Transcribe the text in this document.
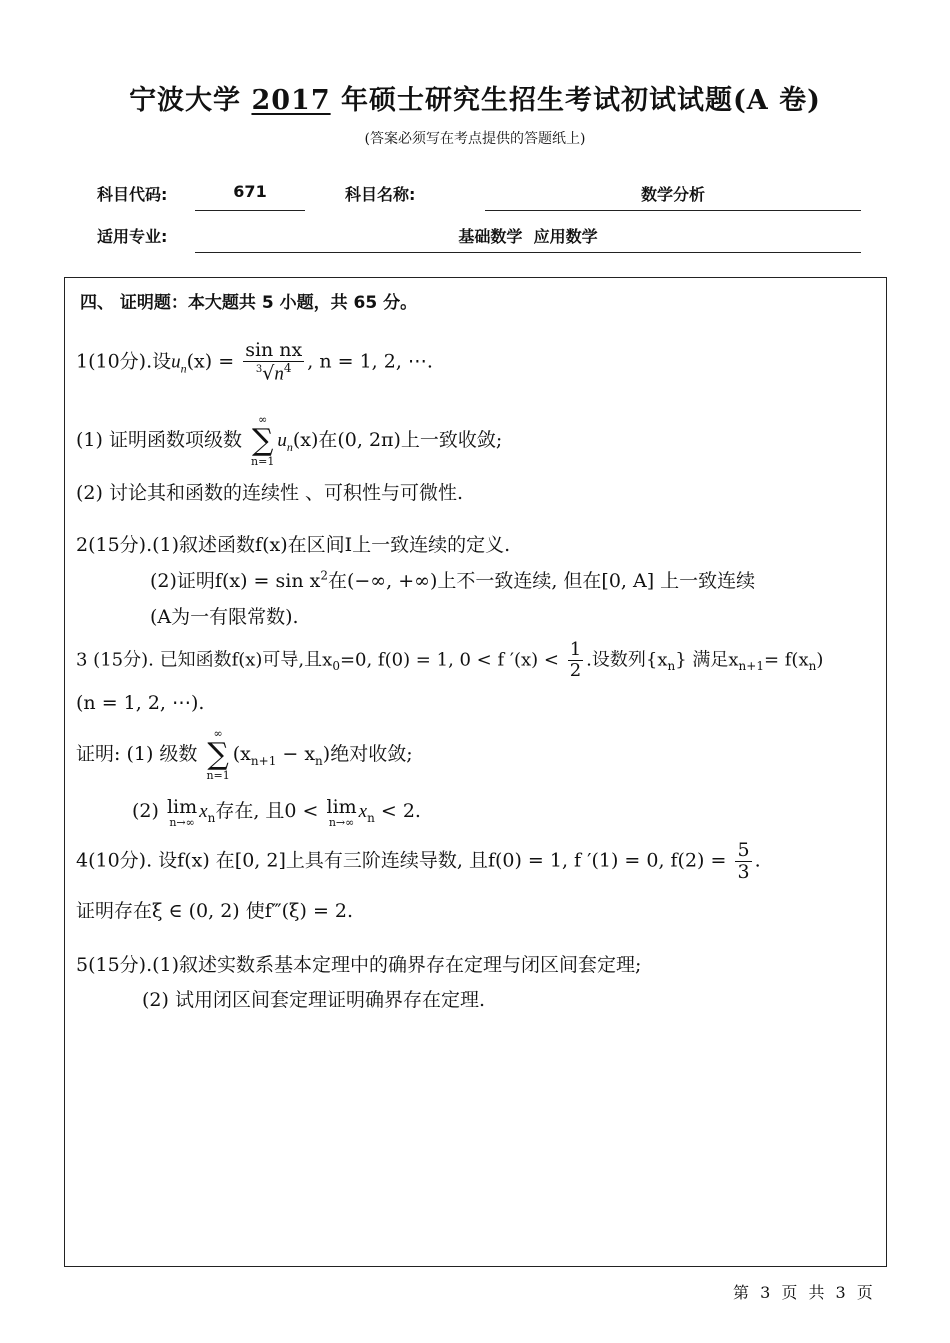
宁波大学 2017 年硕士研究生招生考试初试试题(A 卷)
(答案必须写在考点提供的答题纸上)
科目代码:	671	科目名称:	数学分析
适用专业:	基础数学  应用数学
四、 证明题：本大题共 5 小题，共 65 分。
1(10分).设$u_n(x) = \frac{\text{sin nx}}{^3√n^4}$ , n = 1, 2, ⋯.
(1) 证明函数项级数
∞
∑
n=1
$u_n(x)$在(0, 2π)上一致收敛;
(2) 讨论其和函数的连续性 、可积性与可微性.
2(15分).(1)叙述函数f(x)在区间I上一致连续的定义.
(2)证明$f(x) = \sin x^2$在(−∞, +∞)上不一致连续, 但在[0, A] 上一致连续
(A为一有限常数).
3 (15分). 已知函数f(x)可导,且$x_0=0$, f(0) = 1, 0 < f $'(x) < \frac{1}{2}$ .设数列$\{x_n\}$ 满足$x_{n+1}= f(x_n)$
(n = 1, 2, ⋯).
证明: (1) 级数
∞
∑
n=1
$(x_{n+1} - x_n)$绝对收敛;
(2) lim
n→∞ $x_n$存在, 且0 < lim
n→∞ $x_n < 2$.
4(10分). 设f(x) 在[0, 2]上具有三阶连续导数, 且f(0) = 1, f ′(1) = 0, $f(2) = \frac{5}{3}$ .
证明存在ξ ∈ (0, 2) 使f‴(ξ) = 2.
5(15分).(1)叙述实数系基本定理中的确界存在定理与闭区间套定理;
(2) 试用闭区间套定理证明确界存在定理.
第 3 页 共 3 页
